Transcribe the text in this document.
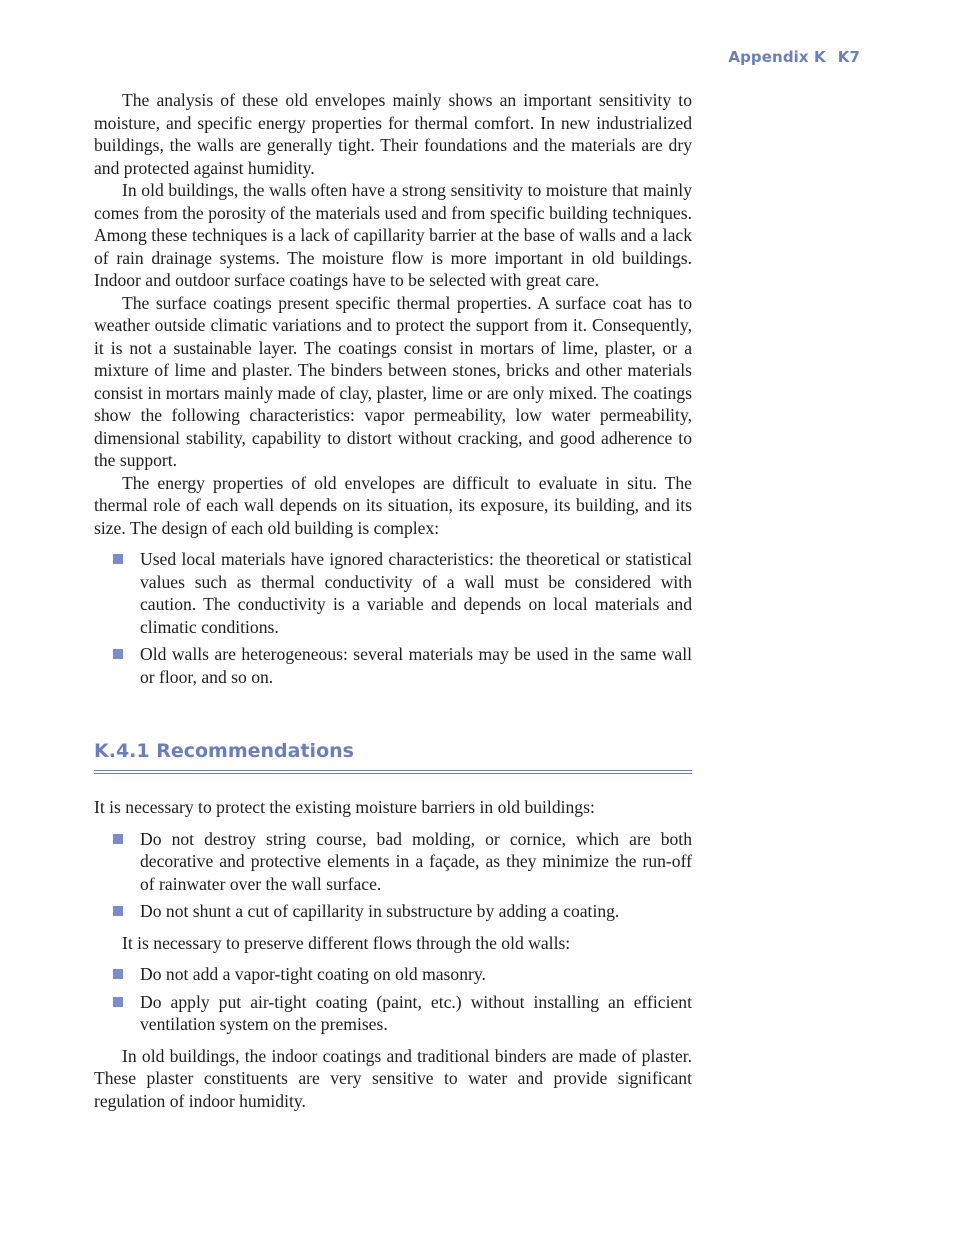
Appendix K K7

The analysis of these old envelopes mainly shows an important sensitivity to moisture, and specific energy properties for thermal comfort. In new industrialized buildings, the walls are generally tight. Their foundations and the materials are dry and protected against humidity.

In old buildings, the walls often have a strong sensitivity to moisture that mainly comes from the porosity of the materials used and from specific building techniques. Among these techniques is a lack of capillarity barrier at the base of walls and a lack of rain drainage systems. The moisture flow is more important in old buildings. Indoor and outdoor surface coatings have to be selected with great care.

The surface coatings present specific thermal properties. A surface coat has to weather outside climatic variations and to protect the support from it. Consequently, it is not a sustainable layer. The coatings consist in mortars of lime, plaster, or a mixture of lime and plaster. The binders between stones, bricks and other materials consist in mortars mainly made of clay, plaster, lime or are only mixed. The coatings show the following characteristics: vapor permeability, low water permeability, dimensional stability, capability to distort without cracking, and good adherence to the support.

The energy properties of old envelopes are difficult to evaluate in situ. The thermal role of each wall depends on its situation, its exposure, its building, and its size. The design of each old building is complex:

Used local materials have ignored characteristics: the theoretical or statistical values such as thermal conductivity of a wall must be considered with caution. The conductivity is a variable and depends on local materials and climatic conditions.
Old walls are heterogeneous: several materials may be used in the same wall or floor, and so on.
K.4.1 Recommendations

It is necessary to protect the existing moisture barriers in old buildings:

Do not destroy string course, bad molding, or cornice, which are both decorative and protective elements in a façade, as they minimize the run-off of rainwater over the wall surface.
Do not shunt a cut of capillarity in substructure by adding a coating.

It is necessary to preserve different flows through the old walls:

Do not add a vapor-tight coating on old masonry.
Do apply put air-tight coating (paint, etc.) without installing an efficient ventilation system on the premises.

In old buildings, the indoor coatings and traditional binders are made of plaster. These plaster constituents are very sensitive to water and provide significant regulation of indoor humidity.
